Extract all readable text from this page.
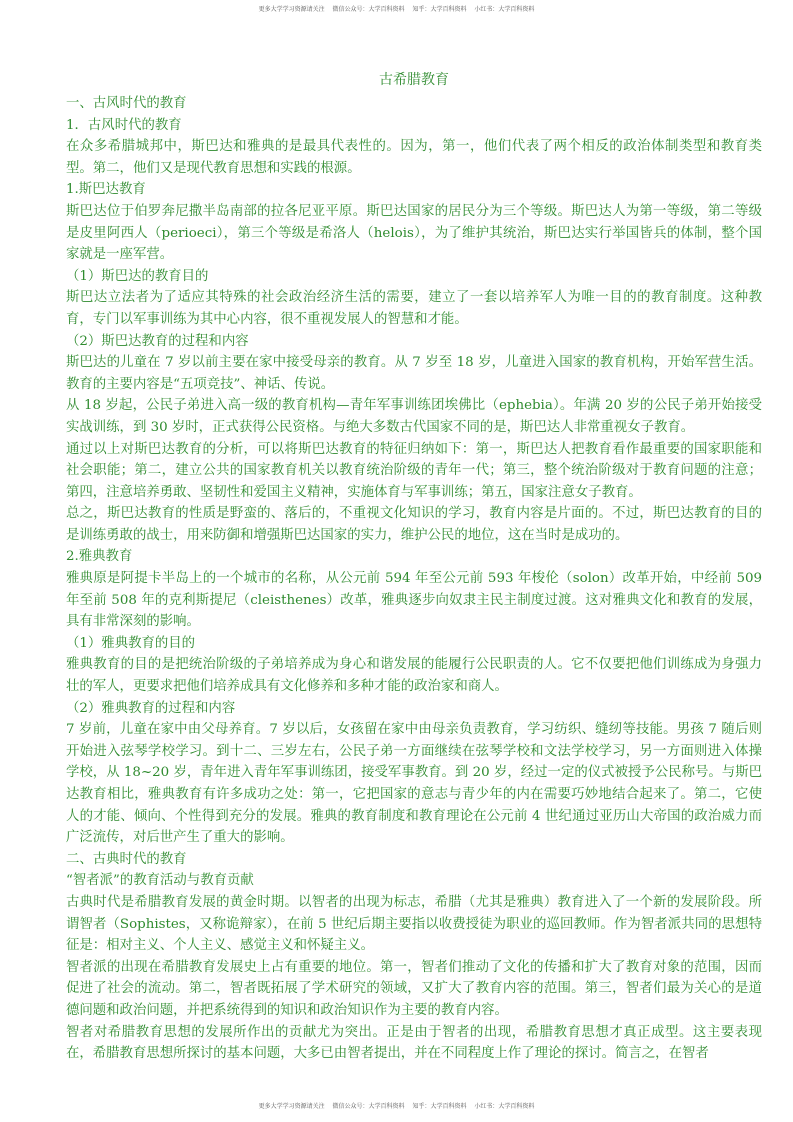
更多大学学习资源请关注 微信公众号：大学百科资料 知乎：大学百科资料 小红书：大学百科资料
古希腊教育

一、古风时代的教育

1．古风时代的教育

在众多希腊城邦中，斯巴达和雅典的是最具代表性的。因为，第一，他们代表了两个相反的政治体制类型和教育类型。第二，他们又是现代教育思想和实践的根源。

1.斯巴达教育

斯巴达位于伯罗奔尼撒半岛南部的拉各尼亚平原。斯巴达国家的居民分为三个等级。斯巴达人为第一等级，第二等级是皮里阿西人（perioeci），第三个等级是希洛人（helois），为了维护其统治，斯巴达实行举国皆兵的体制，整个国家就是一座军营。

（1）斯巴达的教育目的

斯巴达立法者为了适应其特殊的社会政治经济生活的需要，建立了一套以培养军人为唯一目的的教育制度。这种教育，专门以军事训练为其中心内容，很不重视发展人的智慧和才能。

（2）斯巴达教育的过程和内容

斯巴达的儿童在 7 岁以前主要在家中接受母亲的教育。从 7 岁至 18 岁，儿童进入国家的教育机构，开始军营生活。教育的主要内容是“五项竞技”、神话、传说。

从 18 岁起，公民子弟进入高一级的教育机构—青年军事训练团埃佛比（ephebia）。年满 20 岁的公民子弟开始接受实战训练，到 30 岁时，正式获得公民资格。与绝大多数古代国家不同的是，斯巴达人非常重视女子教育。

通过以上对斯巴达教育的分析，可以将斯巴达教育的特征归纳如下：第一，斯巴达人把教育看作最重要的国家职能和社会职能；第二，建立公共的国家教育机关以教育统治阶级的青年一代；第三，整个统治阶级对于教育问题的注意；第四，注意培养勇敢、坚韧性和爱国主义精神，实施体育与军事训练；第五，国家注意女子教育。

总之，斯巴达教育的性质是野蛮的、落后的，不重视文化知识的学习，教育内容是片面的。不过，斯巴达教育的目的是训练勇敢的战士，用来防御和增强斯巴达国家的实力，维护公民的地位，这在当时是成功的。

2.雅典教育

雅典原是阿提卡半岛上的一个城市的名称，从公元前 594 年至公元前 593 年梭伦（solon）改革开始，中经前 509 年至前 508 年的克利斯提尼（cleisthenes）改革，雅典逐步向奴隶主民主制度过渡。这对雅典文化和教育的发展，具有非常深刻的影响。

（1）雅典教育的目的

雅典教育的目的是把统治阶级的子弟培养成为身心和谐发展的能履行公民职责的人。它不仅要把他们训练成为身强力壮的军人，更要求把他们培养成具有文化修养和多种才能的政治家和商人。

（2）雅典教育的过程和内容

7 岁前，儿童在家中由父母养育。7 岁以后，女孩留在家中由母亲负责教育，学习纺织、缝纫等技能。男孩 7 随后则开始进入弦琴学校学习。到十二、三岁左右，公民子弟一方面继续在弦琴学校和文法学校学习，另一方面则进入体操学校，从 18~20 岁，青年进入青年军事训练团，接受军事教育。到 20 岁，经过一定的仪式被授予公民称号。与斯巴达教育相比，雅典教育有许多成功之处：第一，它把国家的意志与青少年的内在需要巧妙地结合起来了。第二，它使人的才能、倾向、个性得到充分的发展。雅典的教育制度和教育理论在公元前 4 世纪通过亚历山大帝国的政治威力而广泛流传，对后世产生了重大的影响。

二、古典时代的教育

“智者派”的教育活动与教育贡献

古典时代是希腊教育发展的黄金时期。以智者的出现为标志，希腊（尤其是雅典）教育进入了一个新的发展阶段。所谓智者（Sophistes，又称诡辩家），在前 5 世纪后期主要指以收费授徒为职业的巡回教师。作为智者派共同的思想特征是：相对主义、个人主义、感觉主义和怀疑主义。

智者派的出现在希腊教育发展史上占有重要的地位。第一，智者们推动了文化的传播和扩大了教育对象的范围，因而促进了社会的流动。第二，智者既拓展了学术研究的领域，又扩大了教育内容的范围。第三，智者们最为关心的是道德问题和政治问题，并把系统得到的知识和政治知识作为主要的教育内容。

智者对希腊教育思想的发展所作出的贡献尤为突出。正是由于智者的出现，希腊教育思想才真正成型。这主要表现在，希腊教育思想所探讨的基本问题，大多已由智者提出，并在不同程度上作了理论的探讨。简言之，在智者

更多大学学习资源请关注 微信公众号：大学百科资料 知乎：大学百科资料 小红书：大学百科资料
